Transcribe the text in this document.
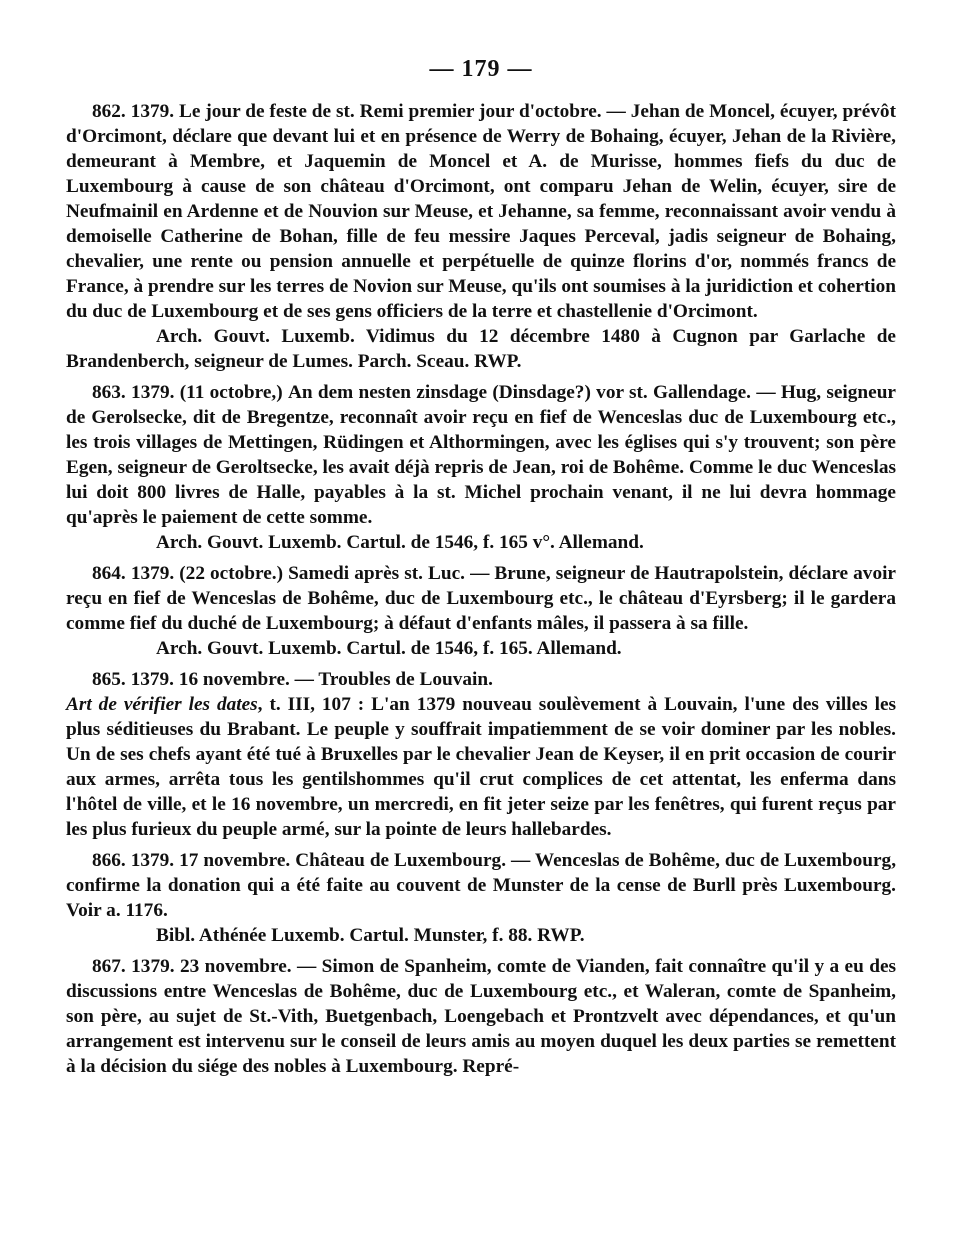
— 179 —

862. 1379. Le jour de feste de st. Remi premier jour d'octobre. — Jehan de Moncel, écuyer, prévôt d'Orcimont, déclare que devant lui et en présence de Werry de Bohaing, écuyer, Jehan de la Rivière, demeurant à Membre, et Jaquemin de Moncel et A. de Murisse, hommes fiefs du duc de Luxembourg à cause de son château d'Orcimont, ont comparu Jehan de Welin, écuyer, sire de Neufmainil en Ardenne et de Nouvion sur Meuse, et Jehanne, sa femme, reconnaissant avoir vendu à demoiselle Catherine de Bohan, fille de feu messire Jaques Perceval, jadis seigneur de Bohaing, chevalier, une rente ou pension annuelle et perpétuelle de quinze florins d'or, nommés francs de France, à prendre sur les terres de Novion sur Meuse, qu'ils ont soumises à la juridiction et cohertion du duc de Luxembourg et de ses gens officiers de la terre et chastellenie d'Orcimont.

Arch. Gouvt. Luxemb. Vidimus du 12 décembre 1480 à Cugnon par Garlache de Brandenberch, seigneur de Lumes. Parch. Sceau. RWP.

863. 1379. (11 octobre,) An dem nesten zinsdage (Dinsdage?) vor st. Gallendage. — Hug, seigneur de Gerolsecke, dit de Bregentze, reconnaît avoir reçu en fief de Wenceslas duc de Luxembourg etc., les trois villages de Mettingen, Rüdingen et Althormingen, avec les églises qui s'y trouvent; son père Egen, seigneur de Geroltsecke, les avait déjà repris de Jean, roi de Bohême. Comme le duc Wenceslas lui doit 800 livres de Halle, payables à la st. Michel prochain venant, il ne lui devra hommage qu'après le paiement de cette somme.

Arch. Gouvt. Luxemb. Cartul. de 1546, f. 165 v°. Allemand.

864. 1379. (22 octobre.) Samedi après st. Luc. — Brune, seigneur de Hautrapolstein, déclare avoir reçu en fief de Wenceslas de Bohême, duc de Luxembourg etc., le château d'Eyrsberg; il le gardera comme fief du duché de Luxembourg; à défaut d'enfants mâles, il passera à sa fille.

Arch. Gouvt. Luxemb. Cartul. de 1546, f. 165. Allemand.

865. 1379. 16 novembre. — Troubles de Louvain.

Art de vérifier les dates, t. III, 107 : L'an 1379 nouveau soulèvement à Louvain, l'une des villes les plus séditieuses du Brabant. Le peuple y souffrait impatiemment de se voir dominer par les nobles. Un de ses chefs ayant été tué à Bruxelles par le chevalier Jean de Keyser, il en prit occasion de courir aux armes, arrêta tous les gentilshommes qu'il crut complices de cet attentat, les enferma dans l'hôtel de ville, et le 16 novembre, un mercredi, en fit jeter seize par les fenêtres, qui furent reçus par les plus furieux du peuple armé, sur la pointe de leurs hallebardes.

866. 1379. 17 novembre. Château de Luxembourg. — Wenceslas de Bohême, duc de Luxembourg, confirme la donation qui a été faite au couvent de Munster de la cense de Burll près Luxembourg. Voir a. 1176.

Bibl. Athénée Luxemb. Cartul. Munster, f. 88. RWP.

867. 1379. 23 novembre. — Simon de Spanheim, comte de Vianden, fait connaître qu'il y a eu des discussions entre Wenceslas de Bohême, duc de Luxembourg etc., et Waleran, comte de Spanheim, son père, au sujet de St.-Vith, Buetgenbach, Loengebach et Prontzvelt avec dépendances, et qu'un arrangement est intervenu sur le conseil de leurs amis au moyen duquel les deux parties se remettent à la décision du siége des nobles à Luxembourg. Repré-
